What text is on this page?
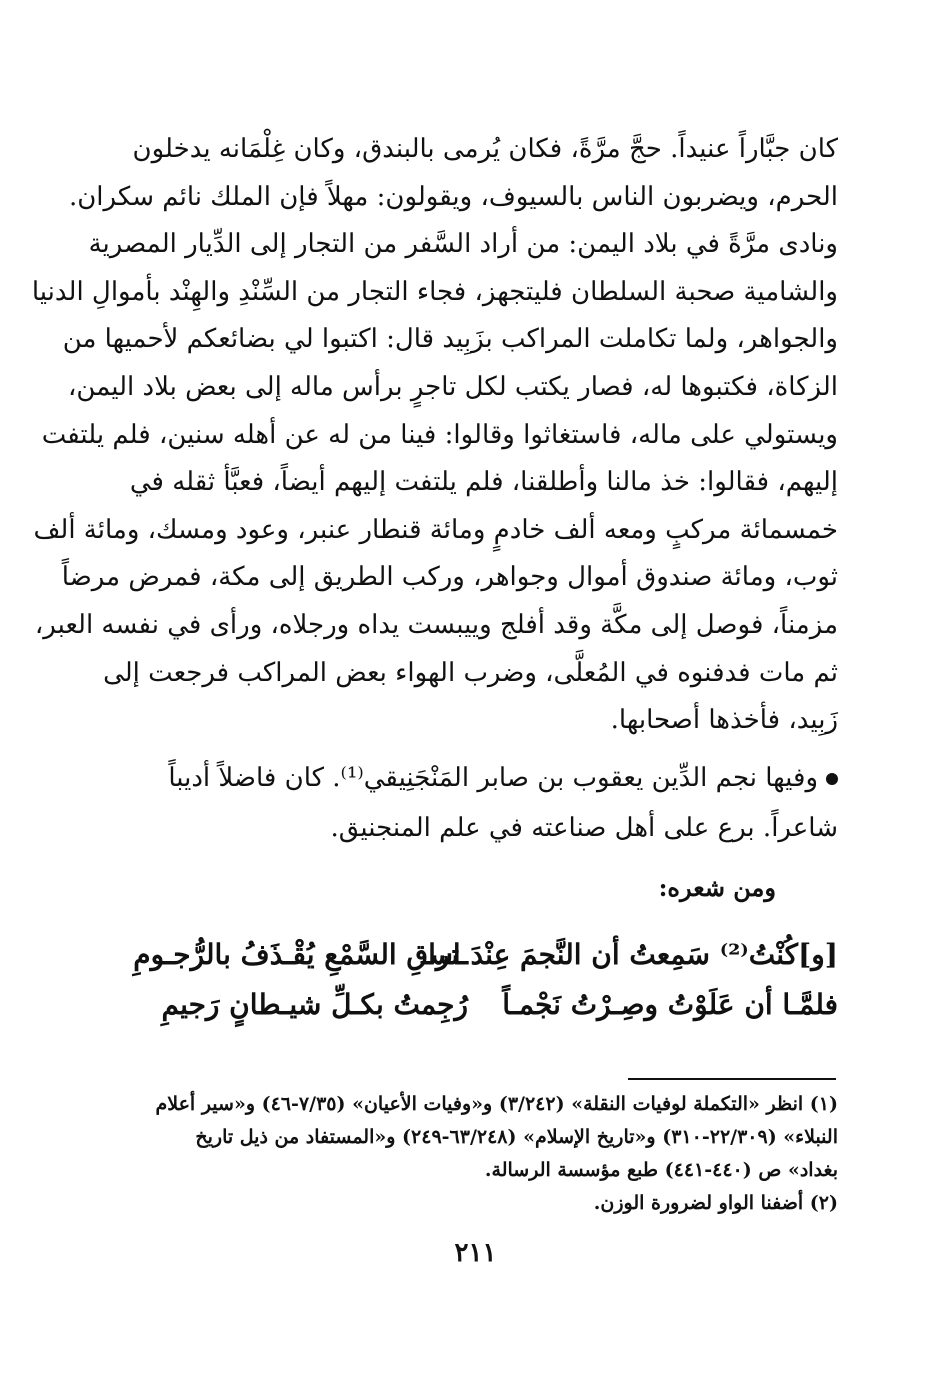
كان جبَّاراً عنيداً. حجَّ مرَّةً، فكان يُرمى بالبندق، وكان غِلْمَانه يدخلون
الحرم، ويضربون الناس بالسيوف، ويقولون: مهلاً فإن الملك نائم سكران.
ونادى مرَّةً في بلاد اليمن: من أراد السَّفر من التجار إلى الدِّيار المصرية
والشامية صحبة السلطان فليتجهز، فجاء التجار من السِّنْدِ والهِنْد بأموالِ الدنيا
والجواهر، ولما تكاملت المراكب بزَبِيد قال: اكتبوا لي بضائعكم لأحميها من
الزكاة، فكتبوها له، فصار يكتب لكل تاجرٍ برأس ماله إلى بعض بلاد اليمن،
ويستولي على ماله، فاستغاثوا وقالوا: فينا من له عن أهله سنين، فلم يلتفت
إليهم، فقالوا: خذ مالنا وأطلقنا، فلم يلتفت إليهم أيضاً، فعبَّأ ثقله في
خمسمائة مركبٍ ومعه ألف خادمٍ ومائة قنطار عنبر، وعود ومسك، ومائة ألف
ثوب، ومائة صندوق أموال وجواهر، وركب الطريق إلى مكة، فمرض مرضاً
مزمناً، فوصل إلى مكَّة وقد أفلج وييبست يداه ورجلاه، ورأى في نفسه العبر،
ثم مات فدفنوه في المُعلَّى، وضرب الهواء بعض المراكب فرجعت إلى
زَبِيد، فأخذها أصحابها.
وفيها نجم الدِّين يعقوب بن صابر المَنْجَنِيقي⁽¹⁾. كان فاضلاً أديباً
شاعراً. برع على أهل صناعته في علم المنجنيق.
ومن شعره:
[و]كُنْتُ⁽²⁾ سَمِعتُ أن النَّجمَ عِنْدَ اسـ
ـتراقِ السَّمْعِ يُقْـذَفُ بالرُّجـومِ
فلمَّـا أن عَلَوْتُ وصِـرْتُ نَجْمـاً
رُجِمتُ بكـلِّ شيـطانٍ رَجيمِ
(١) انظر «التكملة لوفيات النقلة» (٣/٢٤٢) و«وفيات الأعيان» (٧/٣٥-٤٦) و«سير أعلام
النبلاء» (٢٢/٣٠٩-٣١٠) و«تاريخ الإسلام» (٦٣/٢٤٨-٢٤٩) و«المستفاد من ذيل تاريخ
بغداد» ص (٤٤٠-٤٤١) طبع مؤسسة الرسالة.
(٢) أضفنا الواو لضرورة الوزن.
٢١١
